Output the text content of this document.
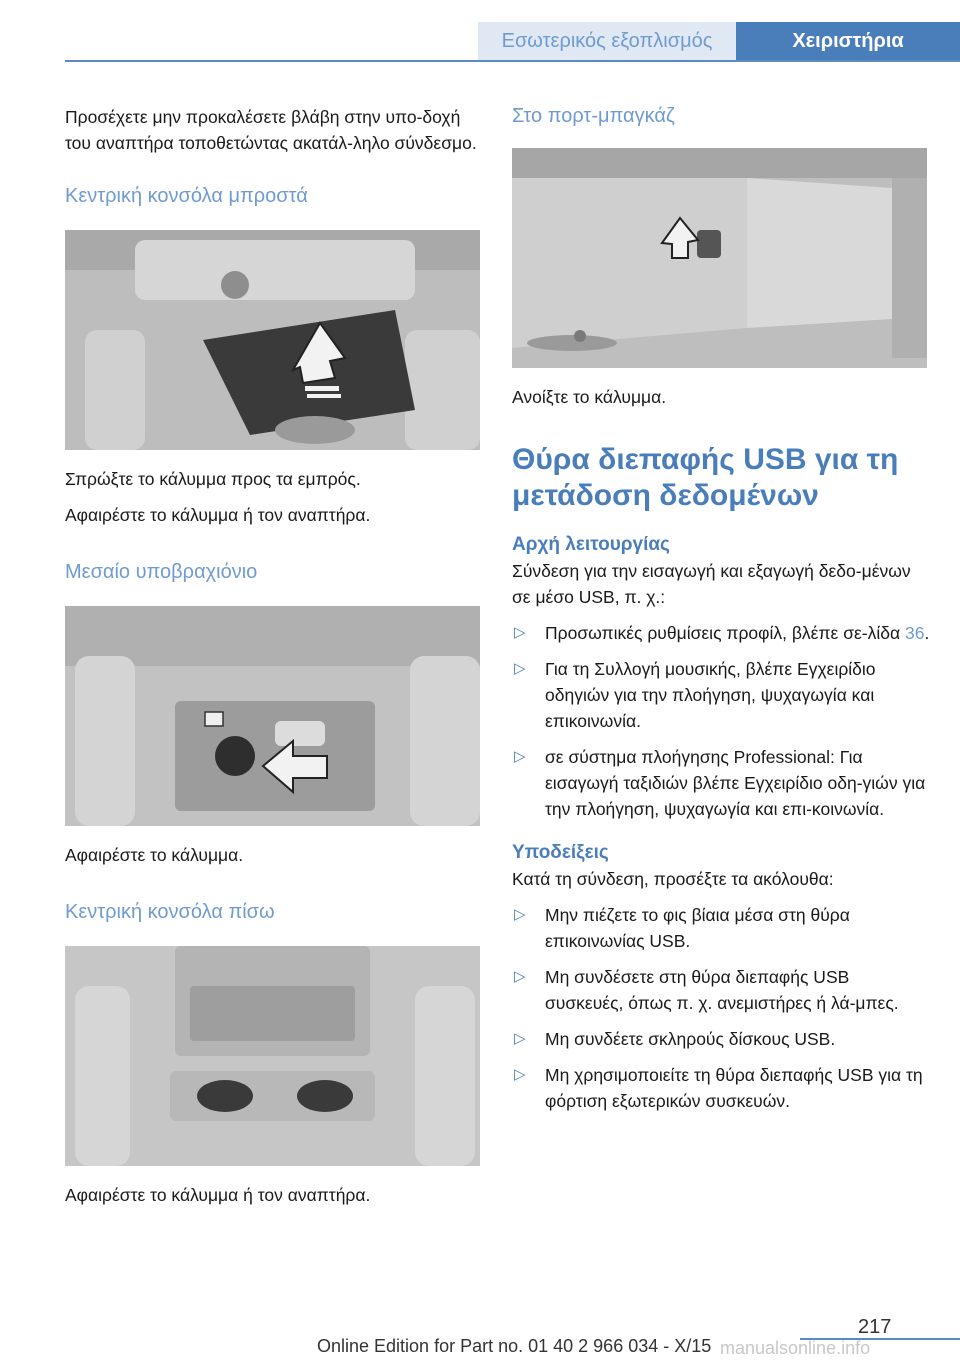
Εσωτερικός εξοπλισμός	Χειριστήρια

Προσέχετε μην προκαλέσετε βλάβη στην υπο‐δοχή του αναπτήρα τοποθετώντας ακατάλ‐ληλο σύνδεσμο.

Κεντρική κονσόλα μπροστά

Σπρώξτε το κάλυμμα προς τα εμπρός.

Αφαιρέστε το κάλυμμα ή τον αναπτήρα.

Μεσαίο υποβραχιόνιο

Αφαιρέστε το κάλυμμα.

Κεντρική κονσόλα πίσω

Αφαιρέστε το κάλυμμα ή τον αναπτήρα.

Στο πορτ-μπαγκάζ

Ανοίξτε το κάλυμμα.

Θύρα διεπαφής USB για τη μετάδοση δεδομένων
Αρχή λειτουργίας

Σύνδεση για την εισαγωγή και εξαγωγή δεδο‐μένων σε μέσο USB, π. χ.:

▷ Προσωπικές ρυθμίσεις προφίλ, βλέπε σε‐λίδα 36.
▷ Για τη Συλλογή μουσικής, βλέπε Εγχειρίδιο οδηγιών για την πλοήγηση, ψυχαγωγία και επικοινωνία.
▷ σε σύστημα πλοήγησης Professional: Για εισαγωγή ταξιδιών βλέπε Εγχειρίδιο οδη‐γιών για την πλοήγηση, ψυχαγωγία και επι‐κοινωνία.
Υποδείξεις

Κατά τη σύνδεση, προσέξτε τα ακόλουθα:

▷ Μην πιέζετε το φις βίαια μέσα στη θύρα επικοινωνίας USB.
▷ Μη συνδέσετε στη θύρα διεπαφής USB συσκευές, όπως π. χ. ανεμιστήρες ή λά‐μπες.
▷ Μη συνδέετε σκληρούς δίσκους USB.
▷ Μη χρησιμοποιείτε τη θύρα διεπαφής USB για τη φόρτιση εξωτερικών συσκευών.
217
Online Edition for Part no. 01 40 2 966 034 - X/15 manualsonline.info
